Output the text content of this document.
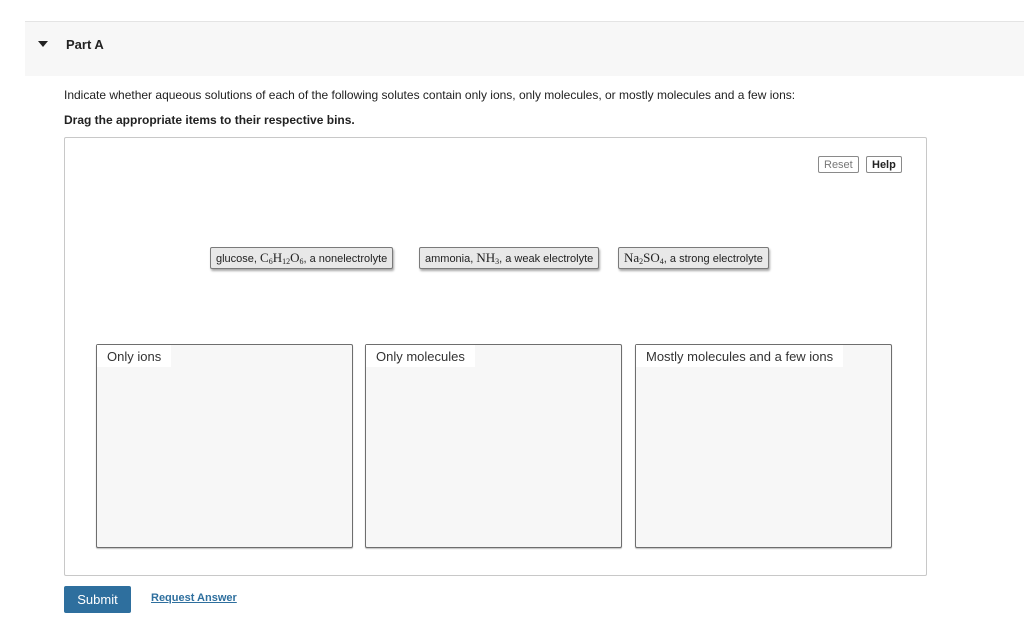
Part A
Indicate whether aqueous solutions of each of the following solutes contain only ions, only molecules, or mostly molecules and a few ions:
Drag the appropriate items to their respective bins.
Reset	Help
glucose, $C_6H_{12}O_6$, a nonelectrolyte	ammonia, $NH_3$, a weak electrolyte	$Na_2SO_4$, a strong electrolyte
Only ions	Only molecules	Mostly molecules and a few ions
Submit	Request Answer
